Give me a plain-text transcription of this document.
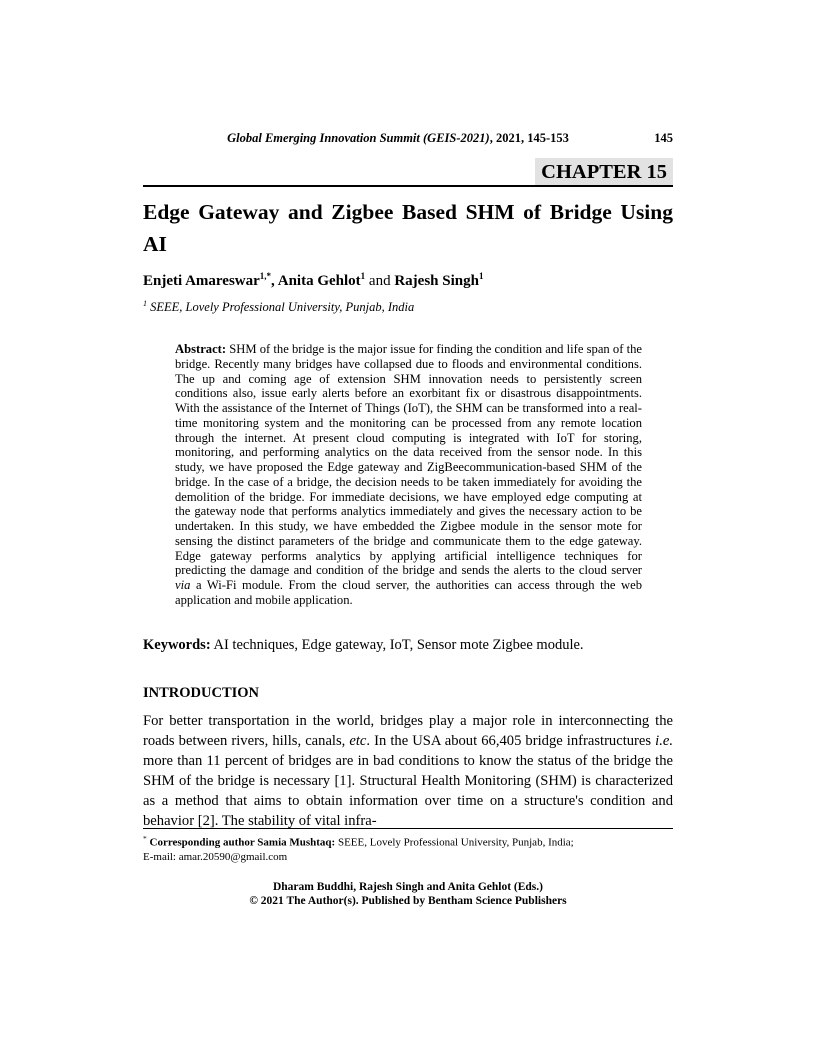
Global Emerging Innovation Summit (GEIS-2021), 2021, 145-153	145
CHAPTER 15
Edge Gateway and Zigbee Based SHM of Bridge Using AI
Enjeti Amareswar$^{1,*}$, Anita Gehlot$^1$ and Rajesh Singh$^1$
$^1$ SEEE, Lovely Professional University, Punjab, India

Abstract: SHM of the bridge is the major issue for finding the condition and life span of the bridge. Recently many bridges have collapsed due to floods and environmental conditions. The up and coming age of extension SHM innovation needs to persistently screen conditions also, issue early alerts before an exorbitant fix or disastrous disappointments. With the assistance of the Internet of Things (IoT), the SHM can be transformed into a real-time monitoring system and the monitoring can be processed from any remote location through the internet. At present cloud computing is integrated with IoT for storing, monitoring, and performing analytics on the data received from the sensor node. In this study, we have proposed the Edge gateway and ZigBeecommunication-based SHM of the bridge. In the case of a bridge, the decision needs to be taken immediately for avoiding the demolition of the bridge. For immediate decisions, we have employed edge computing at the gateway node that performs analytics immediately and gives the necessary action to be undertaken. In this study, we have embedded the Zigbee module in the sensor mote for sensing the distinct parameters of the bridge and communicate them to the edge gateway. Edge gateway performs analytics by applying artificial intelligence techniques for predicting the damage and condition of the bridge and sends the alerts to the cloud server via a Wi-Fi module. From the cloud server, the authorities can access through the web application and mobile application.

Keywords: AI techniques, Edge gateway, IoT, Sensor mote Zigbee module.

INTRODUCTION

For better transportation in the world, bridges play a major role in interconnecting the roads between rivers, hills, canals, etc. In the USA about 66,405 bridge infrastructures i.e. more than 11 percent of bridges are in bad conditions to know the status of the bridge the SHM of the bridge is necessary [1]. Structural Health Monitoring (SHM) is characterized as a method that aims to obtain information over time on a structure's condition and behavior [2]. The stability of vital infra-

* Corresponding author Samia Mushtaq: SEEE, Lovely Professional University, Punjab, India;
E-mail: amar.20590@gmail.com

Dharam Buddhi, Rajesh Singh and Anita Gehlot (Eds.)
© 2021 The Author(s). Published by Bentham Science Publishers
